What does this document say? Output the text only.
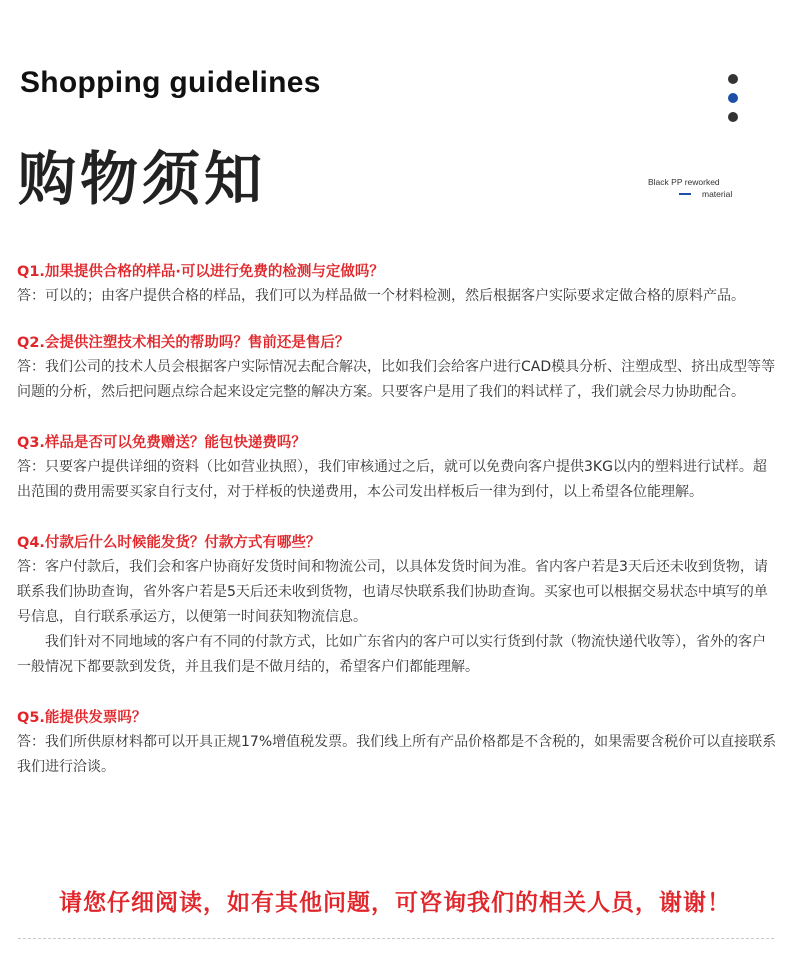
Shopping guidelines
购物须知	Black PP reworked
material

Q1.加果提供合格的样品·可以进行免费的检测与定做吗？

答：可以的；由客户提供合格的样品，我们可以为样品做一个材料检测，然后根据客户实际要求定做合格的原料产品。

Q2.会提供注塑技术相关的帮助吗？售前还是售后？

答：我们公司的技术人员会根据客户实际情况去配合解决，比如我们会给客户进行CAD模具分析、注塑成型、挤出成型等等问题的分析，然后把问题点综合起来设定完整的解决方案。只要客户是用了我们的料试样了，我们就会尽力协助配合。

Q3.样品是否可以免费赠送？能包快递费吗？

答：只要客户提供详细的资料（比如营业执照），我们审核通过之后，就可以免费向客户提供3KG以内的塑料进行试样。超出范围的费用需要买家自行支付，对于样板的快递费用，本公司发出样板后一律为到付，以上希望各位能理解。

Q4.付款后什么时候能发货？付款方式有哪些？

答：客户付款后，我们会和客户协商好发货时间和物流公司，以具体发货时间为准。省内客户若是3天后还未收到货物，请联系我们协助查询，省外客户若是5天后还未收到货物，也请尽快联系我们协助查询。买家也可以根据交易状态中填写的单号信息，自行联系承运方，以便第一时间获知物流信息。

我们针对不同地域的客户有不同的付款方式，比如广东省内的客户可以实行货到付款（物流快递代收等），省外的客户一般情况下都要款到发货，并且我们是不做月结的，希望客户们都能理解。

Q5.能提供发票吗？

答：我们所供原材料都可以开具正规17%增值税发票。我们线上所有产品价格都是不含税的，如果需要含税价可以直接联系我们进行洽谈。

请您仔细阅读，如有其他问题，可咨询我们的相关人员，谢谢！
